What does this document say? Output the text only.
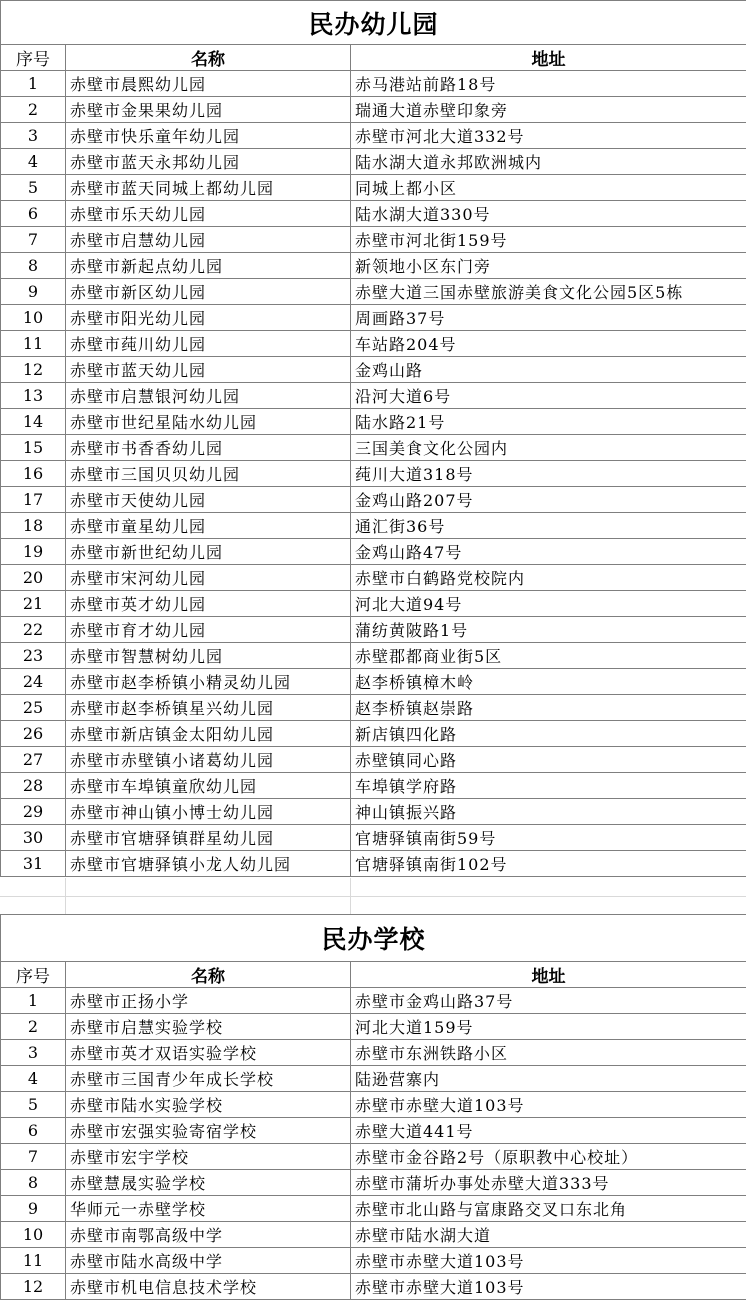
民办幼儿园		
序号	名称	地址
1	赤壁市晨熙幼儿园	赤马港站前路18号
2	赤壁市金果果幼儿园	瑞通大道赤壁印象旁
3	赤壁市快乐童年幼儿园	赤壁市河北大道332号
4	赤壁市蓝天永邦幼儿园	陆水湖大道永邦欧洲城内
5	赤壁市蓝天同城上都幼儿园	同城上都小区
6	赤壁市乐天幼儿园	陆水湖大道330号
7	赤壁市启慧幼儿园	赤壁市河北街159号
8	赤壁市新起点幼儿园	新领地小区东门旁
9	赤壁市新区幼儿园	赤壁大道三国赤壁旅游美食文化公园5区5栋
10	赤壁市阳光幼儿园	周画路37号
11	赤壁市莼川幼儿园	车站路204号
12	赤壁市蓝天幼儿园	金鸡山路
13	赤壁市启慧银河幼儿园	沿河大道6号
14	赤壁市世纪星陆水幼儿园	陆水路21号
15	赤壁市书香香幼儿园	三国美食文化公园内
16	赤壁市三国贝贝幼儿园	莼川大道318号
17	赤壁市天使幼儿园	金鸡山路207号
18	赤壁市童星幼儿园	通汇街36号
19	赤壁市新世纪幼儿园	金鸡山路47号
20	赤壁市宋河幼儿园	赤壁市白鹤路党校院内
21	赤壁市英才幼儿园	河北大道94号
22	赤壁市育才幼儿园	蒲纺黄陂路1号
23	赤壁市智慧树幼儿园	赤壁郡都商业街5区
24	赤壁市赵李桥镇小精灵幼儿园	赵李桥镇樟木岭
25	赤壁市赵李桥镇星兴幼儿园	赵李桥镇赵崇路
26	赤壁市新店镇金太阳幼儿园	新店镇四化路
27	赤壁市赤壁镇小诸葛幼儿园	赤壁镇同心路
28	赤壁市车埠镇童欣幼儿园	车埠镇学府路
29	赤壁市神山镇小博士幼儿园	神山镇振兴路
30	赤壁市官塘驿镇群星幼儿园	官塘驿镇南街59号
31	赤壁市官塘驿镇小龙人幼儿园	官塘驿镇南街102号
民办学校		
序号	名称	地址
1	赤壁市正扬小学	赤壁市金鸡山路37号
2	赤壁市启慧实验学校	河北大道159号
3	赤壁市英才双语实验学校	赤壁市东洲铁路小区
4	赤壁市三国青少年成长学校	陆逊营寨内
5	赤壁市陆水实验学校	赤壁市赤壁大道103号
6	赤壁市宏强实验寄宿学校	赤壁大道441号
7	赤壁市宏宇学校	赤壁市金谷路2号（原职教中心校址）
8	赤壁慧晟实验学校	赤壁市蒲圻办事处赤壁大道333号
9	华师元一赤壁学校	赤壁市北山路与富康路交叉口东北角
10	赤壁市南鄂高级中学	赤壁市陆水湖大道
11	赤壁市陆水高级中学	赤壁市赤壁大道103号
12	赤壁市机电信息技术学校	赤壁市赤壁大道103号
